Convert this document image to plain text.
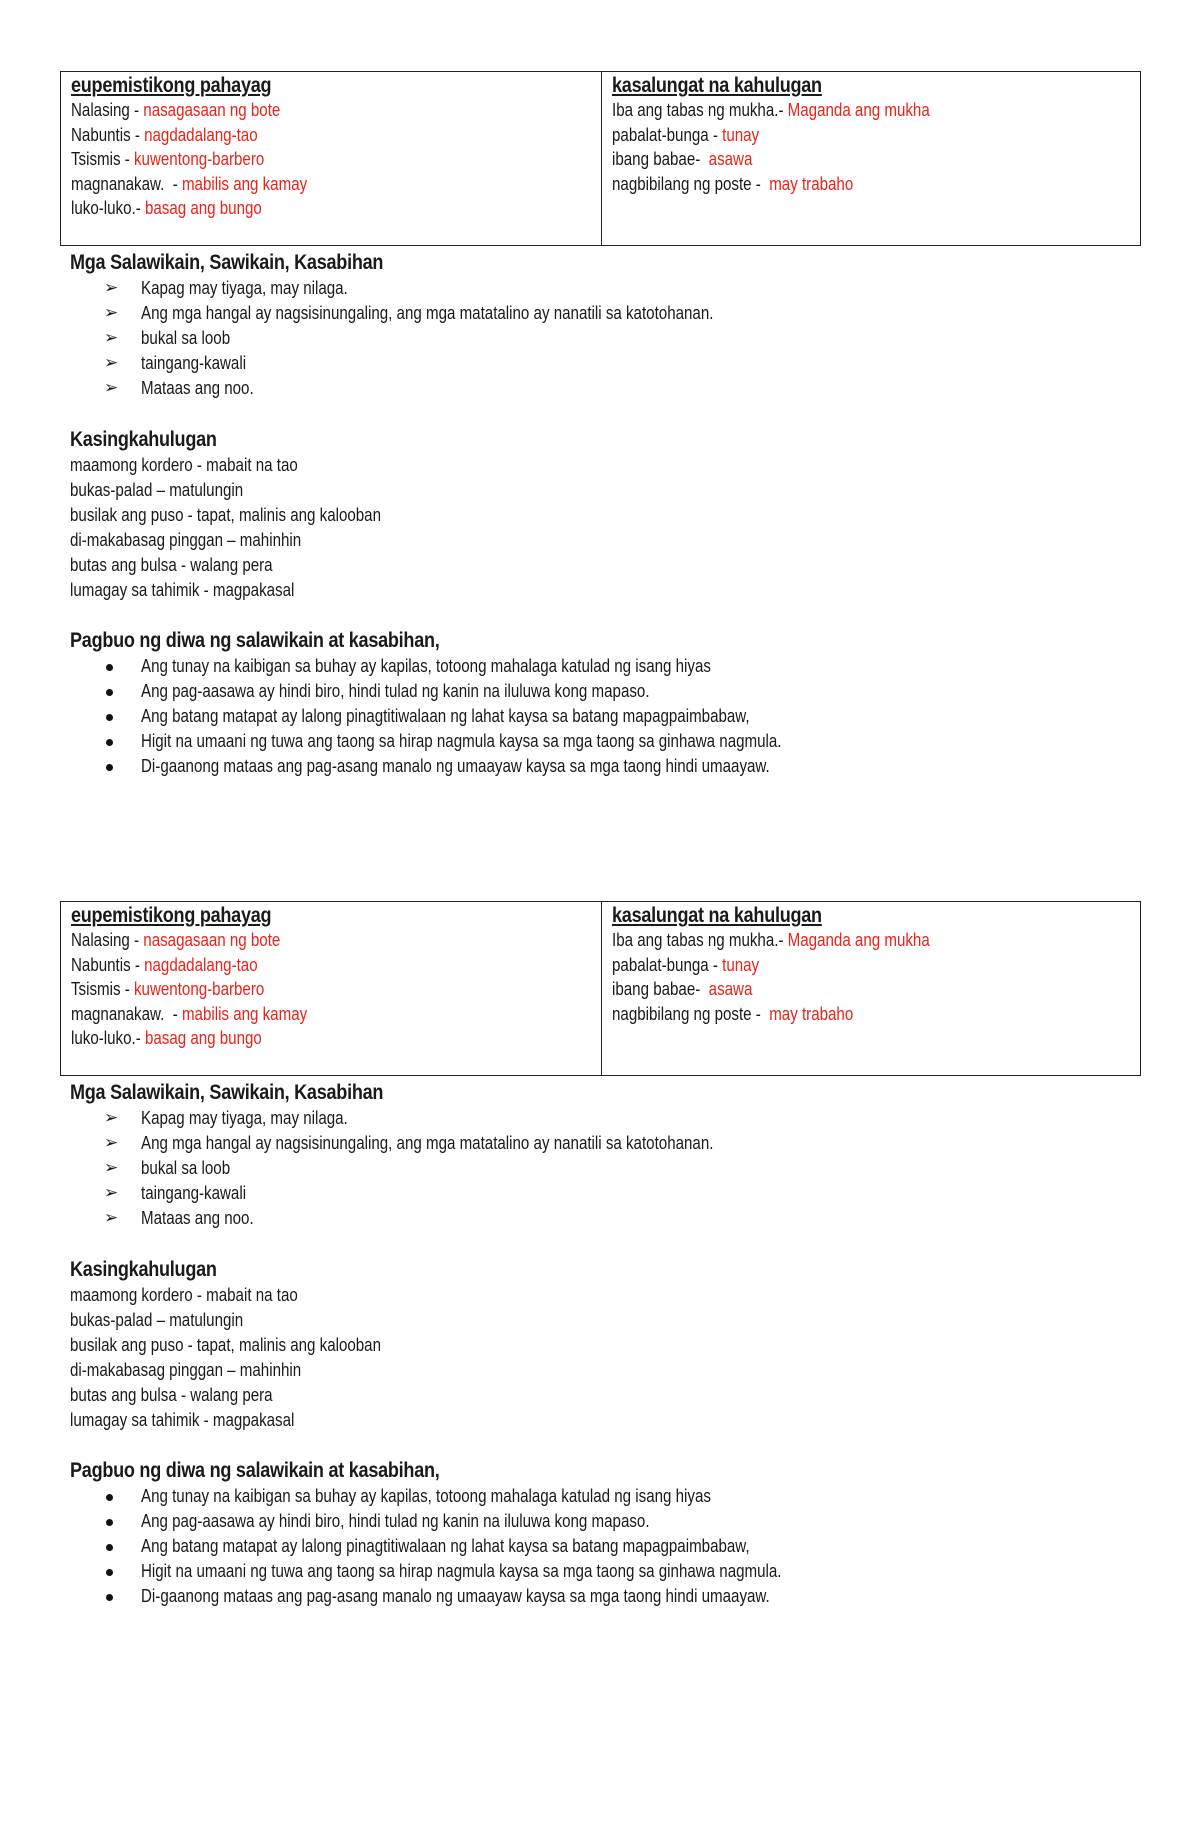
eupemistikong pahayag
Nalasing - nasagasaan ng bote
Nabuntis - nagdadalang-tao
Tsismis - kuwentong-barbero
magnanakaw.  - mabilis ang kamay
luko-luko.- basag ang bungo
kasalungat na kahulugan
Iba ang tabas ng mukha.- Maganda ang mukha
pabalat-bunga - tunay
ibang babae-  asawa
nagbibilang ng poste -  may trabaho
Mga Salawikain, Sawikain, Kasabihan
➢ Kapag may tiyaga, may nilaga.
➢ Ang mga hangal ay nagsisinungaling, ang mga matatalino ay nanatili sa katotohanan.
➢ bukal sa loob
➢ taingang-kawali
➢ Mataas ang noo.
Kasingkahulugan
maamong kordero - mabait na tao
bukas-palad – matulungin
busilak ang puso - tapat, malinis ang kalooban
di-makabasag pinggan – mahinhin
butas ang bulsa - walang pera
lumagay sa tahimik - magpakasal
Pagbuo ng diwa ng salawikain at kasabihan,
Ang tunay na kaibigan sa buhay ay kapilas, totoong mahalaga katulad ng isang hiyas
Ang pag-aasawa ay hindi biro, hindi tulad ng kanin na iluluwa kong mapaso.
Ang batang matapat ay lalong pinagtitiwalaan ng lahat kaysa sa batang mapagpaimbabaw,
Higit na umaani ng tuwa ang taong sa hirap nagmula kaysa sa mga taong sa ginhawa nagmula.
Di-gaanong mataas ang pag-asang manalo ng umaayaw kaysa sa mga taong hindi umaayaw.
eupemistikong pahayag
Nalasing - nasagasaan ng bote
Nabuntis - nagdadalang-tao
Tsismis - kuwentong-barbero
magnanakaw.  - mabilis ang kamay
luko-luko.- basag ang bungo
kasalungat na kahulugan
Iba ang tabas ng mukha.- Maganda ang mukha
pabalat-bunga - tunay
ibang babae-  asawa
nagbibilang ng poste -  may trabaho
Mga Salawikain, Sawikain, Kasabihan
➢ Kapag may tiyaga, may nilaga.
➢ Ang mga hangal ay nagsisinungaling, ang mga matatalino ay nanatili sa katotohanan.
➢ bukal sa loob
➢ taingang-kawali
➢ Mataas ang noo.
Kasingkahulugan
maamong kordero - mabait na tao
bukas-palad – matulungin
busilak ang puso - tapat, malinis ang kalooban
di-makabasag pinggan – mahinhin
butas ang bulsa - walang pera
lumagay sa tahimik - magpakasal
Pagbuo ng diwa ng salawikain at kasabihan,
Ang tunay na kaibigan sa buhay ay kapilas, totoong mahalaga katulad ng isang hiyas
Ang pag-aasawa ay hindi biro, hindi tulad ng kanin na iluluwa kong mapaso.
Ang batang matapat ay lalong pinagtitiwalaan ng lahat kaysa sa batang mapagpaimbabaw,
Higit na umaani ng tuwa ang taong sa hirap nagmula kaysa sa mga taong sa ginhawa nagmula.
Di-gaanong mataas ang pag-asang manalo ng umaayaw kaysa sa mga taong hindi umaayaw.
